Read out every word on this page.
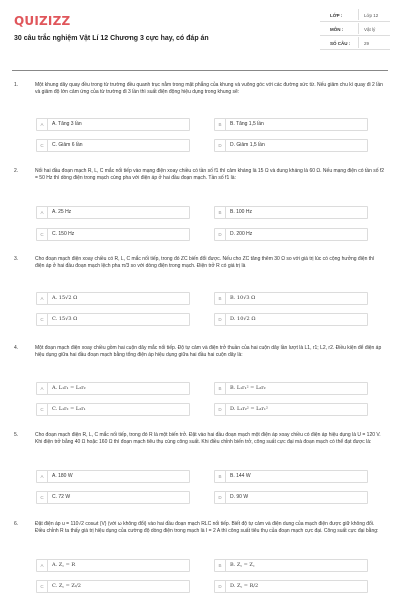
QUIZIZZ
30 câu trắc nghiệm Vật Lí 12 Chương 3 cực hay, có đáp án
LỚP :	Lớp 12
MÔN :	Vật lý
SỐ CÂU :	29
1.	Một khung dây quay đều trong từ trường đều quanh trục nằm trong mặt phẳng của khung và vuông góc với các đường sức từ. Nếu giảm chu kì quay đi 2 lần và giảm độ lớn cảm ứng của từ trường đi 3 lần thì suất điện động hiệu dụng trong khung sẽ:
A	A. Tăng 3 lần	B	B. Tăng 1,5 lần
C	C. Giảm 6 lần	D	D. Giảm 1,5 lần
2.	Nối hai đầu đoạn mạch R, L, C mắc nối tiếp vào mạng điện xoay chiều có tần số f1 thì cảm kháng là 15 Ω và dung kháng là 60 Ω. Nếu mạng điện có tần số f2 = 50 Hz thì dòng điện trong mạch cùng pha với điện áp ở hai đầu đoạn mạch. Tần số f1 là:
A	A. 25 Hz	B	B. 100 Hz
C	C. 150 Hz	D	D. 200 Hz
3.	Cho đoạn mạch điện xoay chiều có R, L, C mắc nối tiếp, trong đó ZC biến đổi được. Nếu cho ZC tăng thêm 30 Ω so với giá trị lúc có cộng hưởng điện thì điện áp ở hai đầu đoạn mạch lệch pha π/3 so với dòng điện trong mạch. Điện trở R có giá trị là
A	A. 15√2 Ω	B	B. 10√3 Ω
C	C. 15√3 Ω	D	D. 10√2 Ω
4.	Một đoạn mạch điện xoay chiều gồm hai cuộn dây mắc nối tiếp. Độ tự cảm và điện trở thuần của hai cuộn dây lần lượt là L1, r1; L2, r2. Điều kiện để điện áp hiệu dụng giữa hai đầu đoạn mạch bằng tổng điện áp hiệu dụng giữa hai đầu hai cuộn dây là:
A	A. L₁r₁ = L₂r₂	B	B. L₁r₁² = L₂r₂
C	C. L₁r₂ = L₂r₁	D	D. L₁r₂² = L₂r₁²
5.	Cho đoạn mạch điện R, L, C mắc nối tiếp, trong đó R là một biến trở. Đặt vào hai đầu đoạn mạch một điện áp xoay chiều có điện áp hiệu dụng là U = 120 V. Khi điện trở bằng 40 Ω hoặc 160 Ω thì đoạn mạch tiêu thụ cùng công suất. Khi điều chỉnh biến trở, công suất cực đại mà đoạn mạch có thể đạt được là:
A	A. 180 W	B	B. 144 W
C	C. 72 W	D	D. 90 W
6.	Đặt điện áp u = 110√2 cosωt (V) (với ω không đổi) vào hai đầu đoạn mạch RLC nối tiếp. Biết độ tự cảm và điện dung của mạch điện được giữ không đổi. Điều chỉnh R ta thấy giá trị hiệu dụng của cường độ dòng điện trong mạch là I = 2 A thì công suất tiêu thụ của đoạn mạch cực đại. Công suất cực đại bằng:
A	A. Z꜀ = R	B	B. Z꜀ = Z꜀
C	C. Z꜀ = Zₗ/2	D	D. Z꜀ = R/2
